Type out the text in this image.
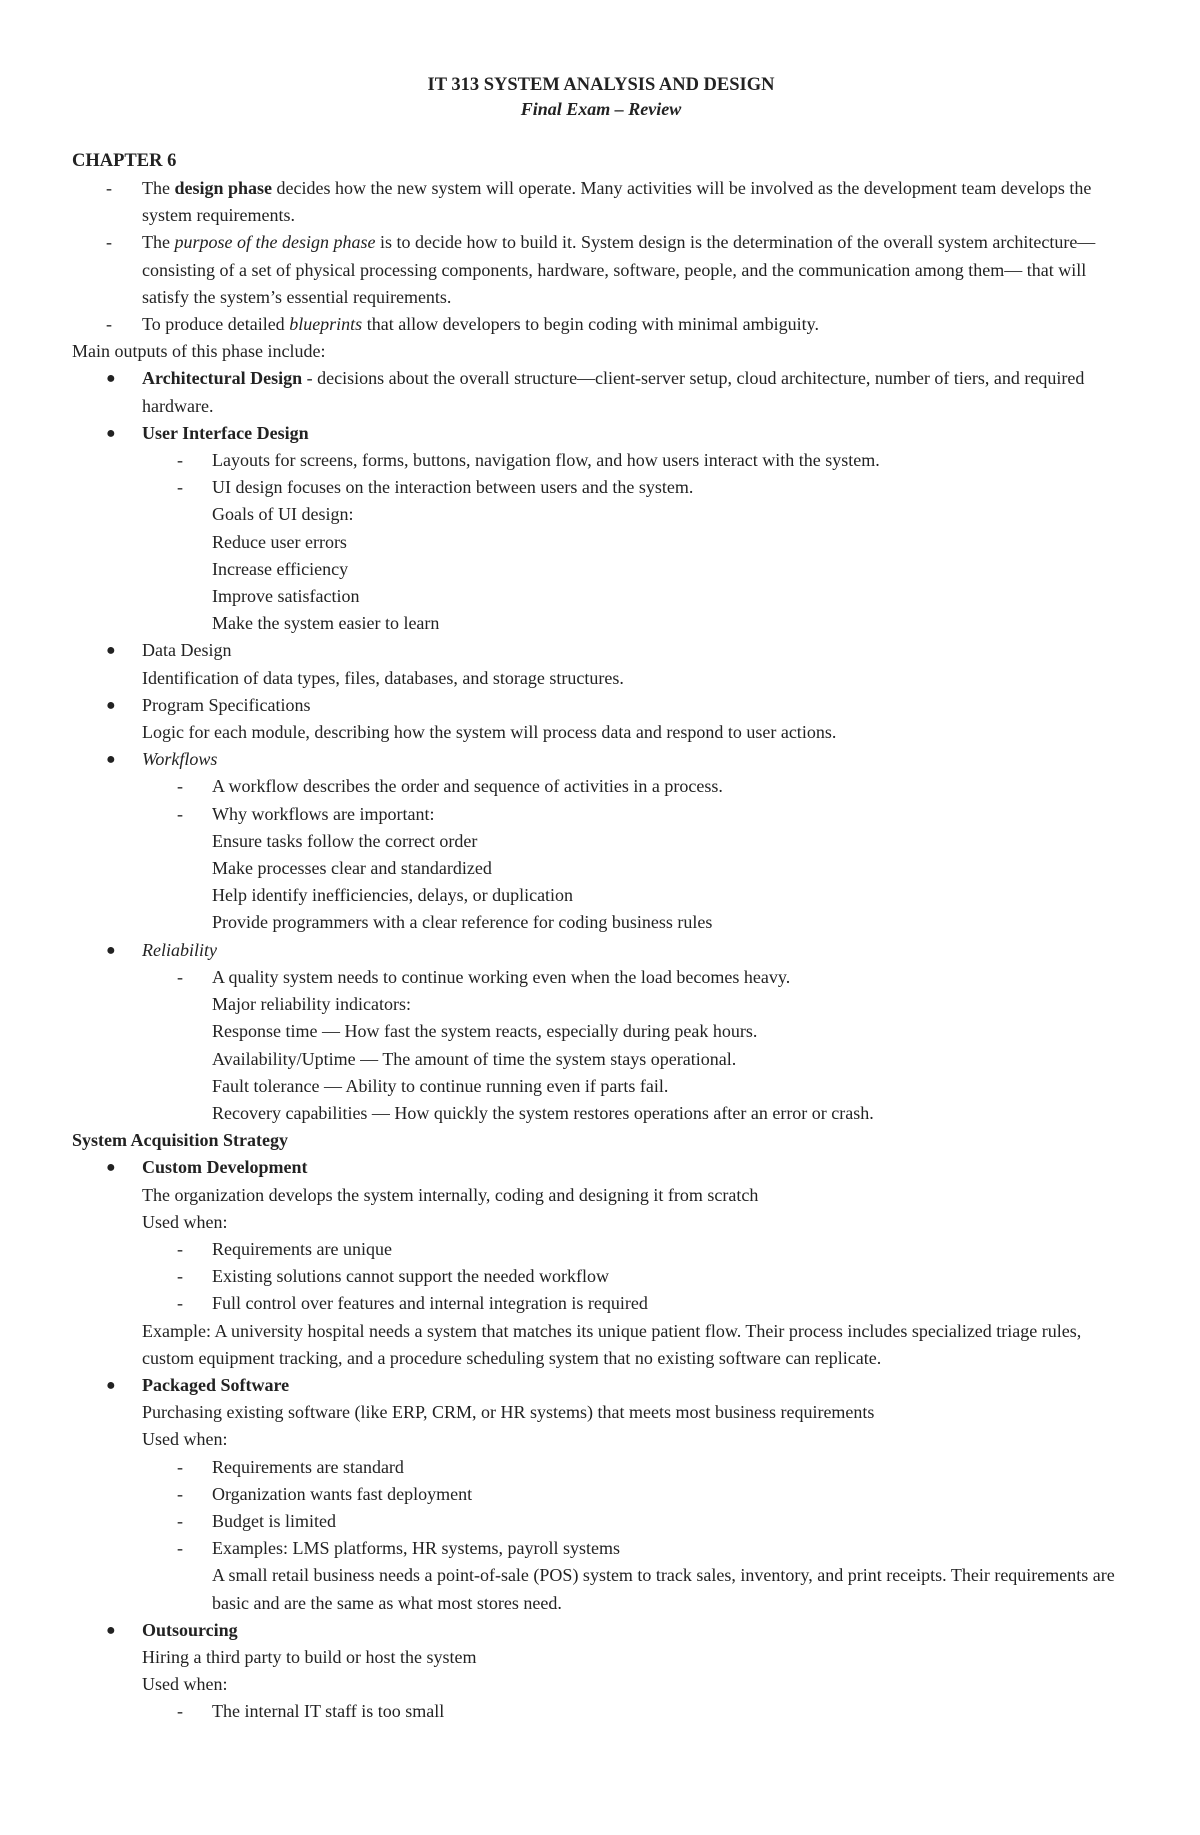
IT 313 SYSTEM ANALYSIS AND DESIGN

Final Exam – Review

CHAPTER 6

- The design phase decides how the new system will operate. Many activities will be involved as the development team develops the system requirements.
- The purpose of the design phase is to decide how to build it. System design is the determination of the overall system architecture— consisting of a set of physical processing components, hardware, software, people, and the communication among them— that will satisfy the system’s essential requirements.
- To produce detailed blueprints that allow developers to begin coding with minimal ambiguity.

Main outputs of this phase include:

● Architectural Design - decisions about the overall structure—client-server setup, cloud architecture, number of tiers, and required hardware.
● User Interface Design
-	Layouts for screens, forms, buttons, navigation flow, and how users interact with the system.
-	UI design focuses on the interaction between users and the system.
Goals of UI design:
Reduce user errors
Increase efficiency
Improve satisfaction
Make the system easier to learn
● Data Design
Identification of data types, files, databases, and storage structures.
● Program Specifications
Logic for each module, describing how the system will process data and respond to user actions.
● Workflows
-	A workflow describes the order and sequence of activities in a process.
-	Why workflows are important:
Ensure tasks follow the correct order
Make processes clear and standardized
Help identify inefficiencies, delays, or duplication
Provide programmers with a clear reference for coding business rules
● Reliability
-	A quality system needs to continue working even when the load becomes heavy.
Major reliability indicators:
Response time — How fast the system reacts, especially during peak hours.
Availability/Uptime — The amount of time the system stays operational.
Fault tolerance — Ability to continue running even if parts fail.
Recovery capabilities — How quickly the system restores operations after an error or crash.

System Acquisition Strategy

● Custom Development
The organization develops the system internally, coding and designing it from scratch
Used when:
-	Requirements are unique
-	Existing solutions cannot support the needed workflow
-	Full control over features and internal integration is required
Example: A university hospital needs a system that matches its unique patient flow. Their process includes specialized triage rules, custom equipment tracking, and a procedure scheduling system that no existing software can replicate.
● Packaged Software
Purchasing existing software (like ERP, CRM, or HR systems) that meets most business requirements
Used when:
-	Requirements are standard
-	Organization wants fast deployment
-	Budget is limited
-	Examples: LMS platforms, HR systems, payroll systems
A small retail business needs a point-of-sale (POS) system to track sales, inventory, and print receipts. Their requirements are basic and are the same as what most stores need.
● Outsourcing
Hiring a third party to build or host the system
Used when:
-	The internal IT staff is too small
